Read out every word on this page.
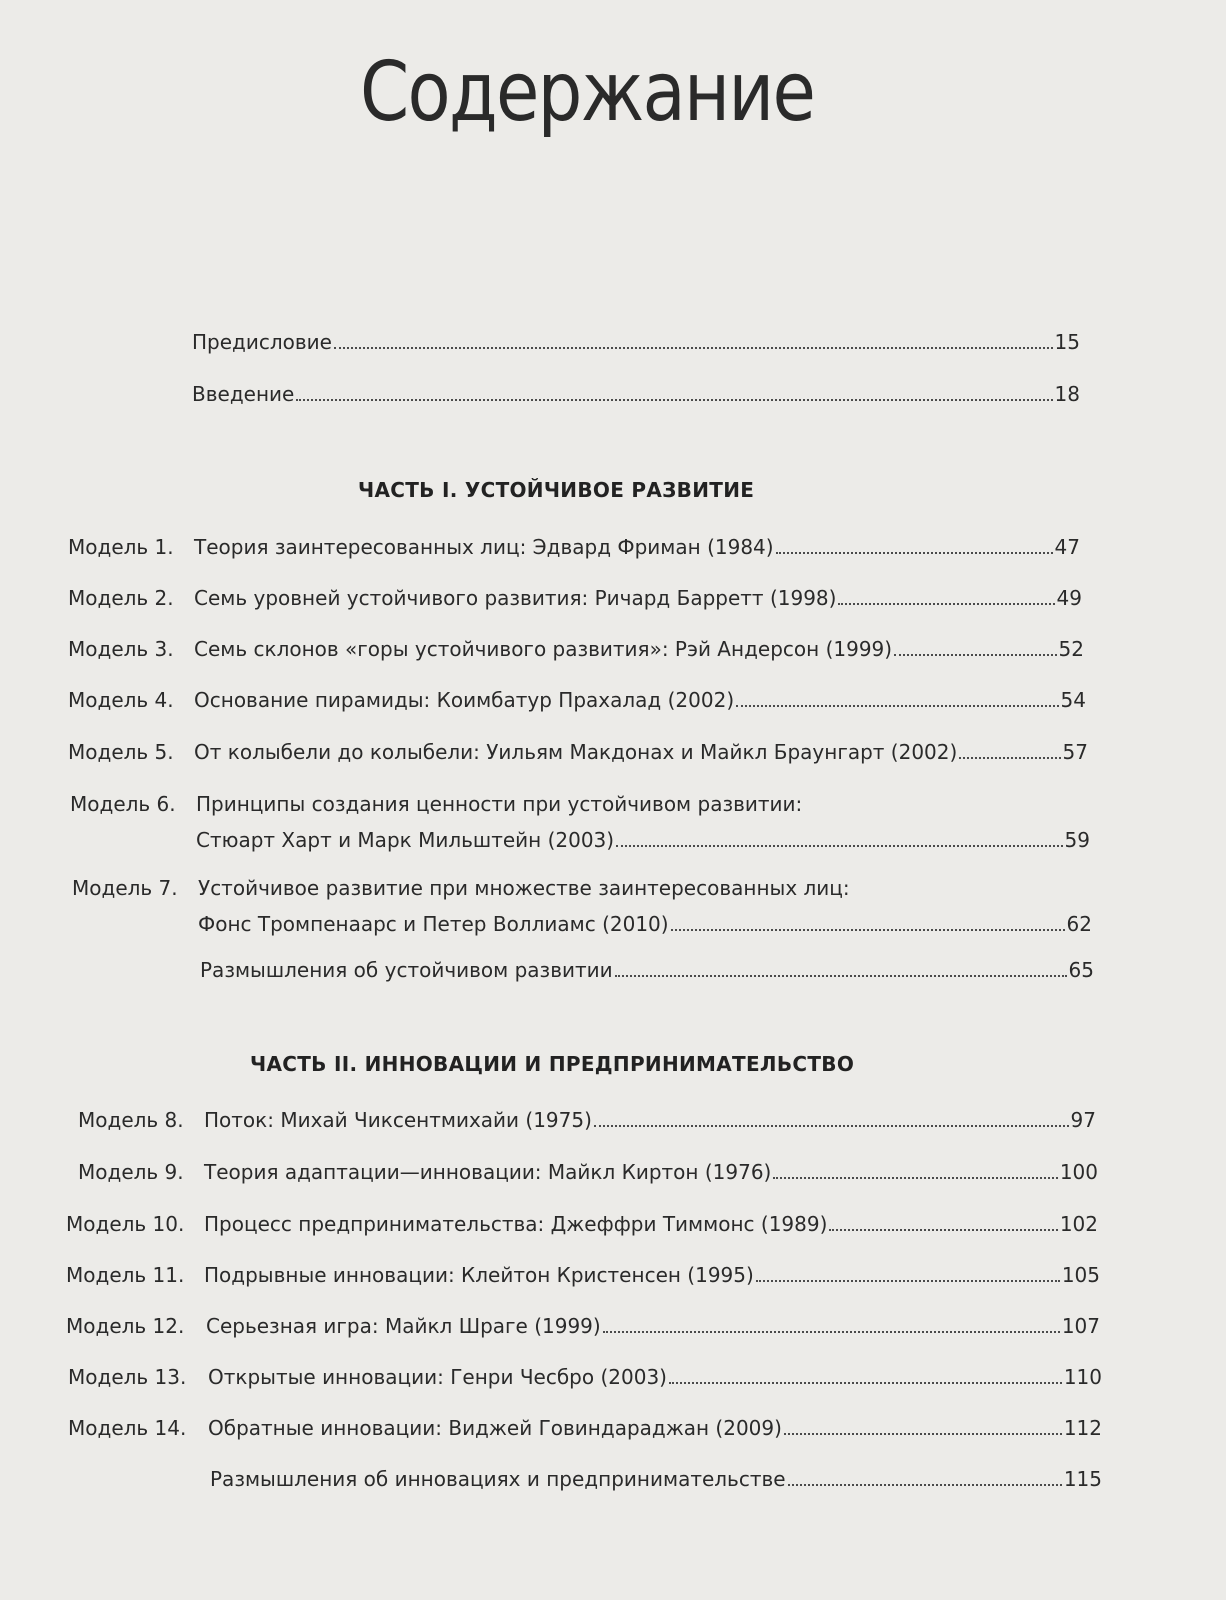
Содержание
Предисловие	15
Введение	18
ЧАСТЬ I. УСТОЙЧИВОЕ РАЗВИТИЕ
Модель 1.	Теория заинтересованных лиц: Эдвард Фриман (1984)	47
Модель 2.	Семь уровней устойчивого развития: Ричард Барретт (1998)	49
Модель 3.	Семь склонов «горы устойчивого развития»: Рэй Андерсон (1999)	52
Модель 4.	Основание пирамиды: Коимбатур Прахалад (2002)	54
Модель 5.	От колыбели до колыбели: Уильям Макдонах и Майкл Браунгарт (2002)	57
Модель 6.	Принципы создания ценности при устойчивом развитии:
Стюарт Харт и Марк Мильштейн (2003)	59
Модель 7.	Устойчивое развитие при множестве заинтересованных лиц:
Фонс Тромпенаарс и Петер Воллиамс (2010)	62
Размышления об устойчивом развитии	65
ЧАСТЬ II. ИННОВАЦИИ И ПРЕДПРИНИМАТЕЛЬСТВО
Модель 8.	Поток: Михай Чиксентмихайи (1975)	97
Модель 9.	Теория адаптации—инновации: Майкл Киртон (1976)	100
Модель 10. Процесс предпринимательства: Джеффри Тиммонс (1989)	102
Модель 11. Подрывные инновации: Клейтон Кристенсен (1995)	105
Модель 12.	Серьезная игра: Майкл Шраге (1999)	107
Модель 13.	Открытые инновации: Генри Чесбро (2003)	110
Модель 14.	Обратные инновации: Виджей Говиндараджан (2009)	112
Размышления об инновациях и предпринимательстве	115
